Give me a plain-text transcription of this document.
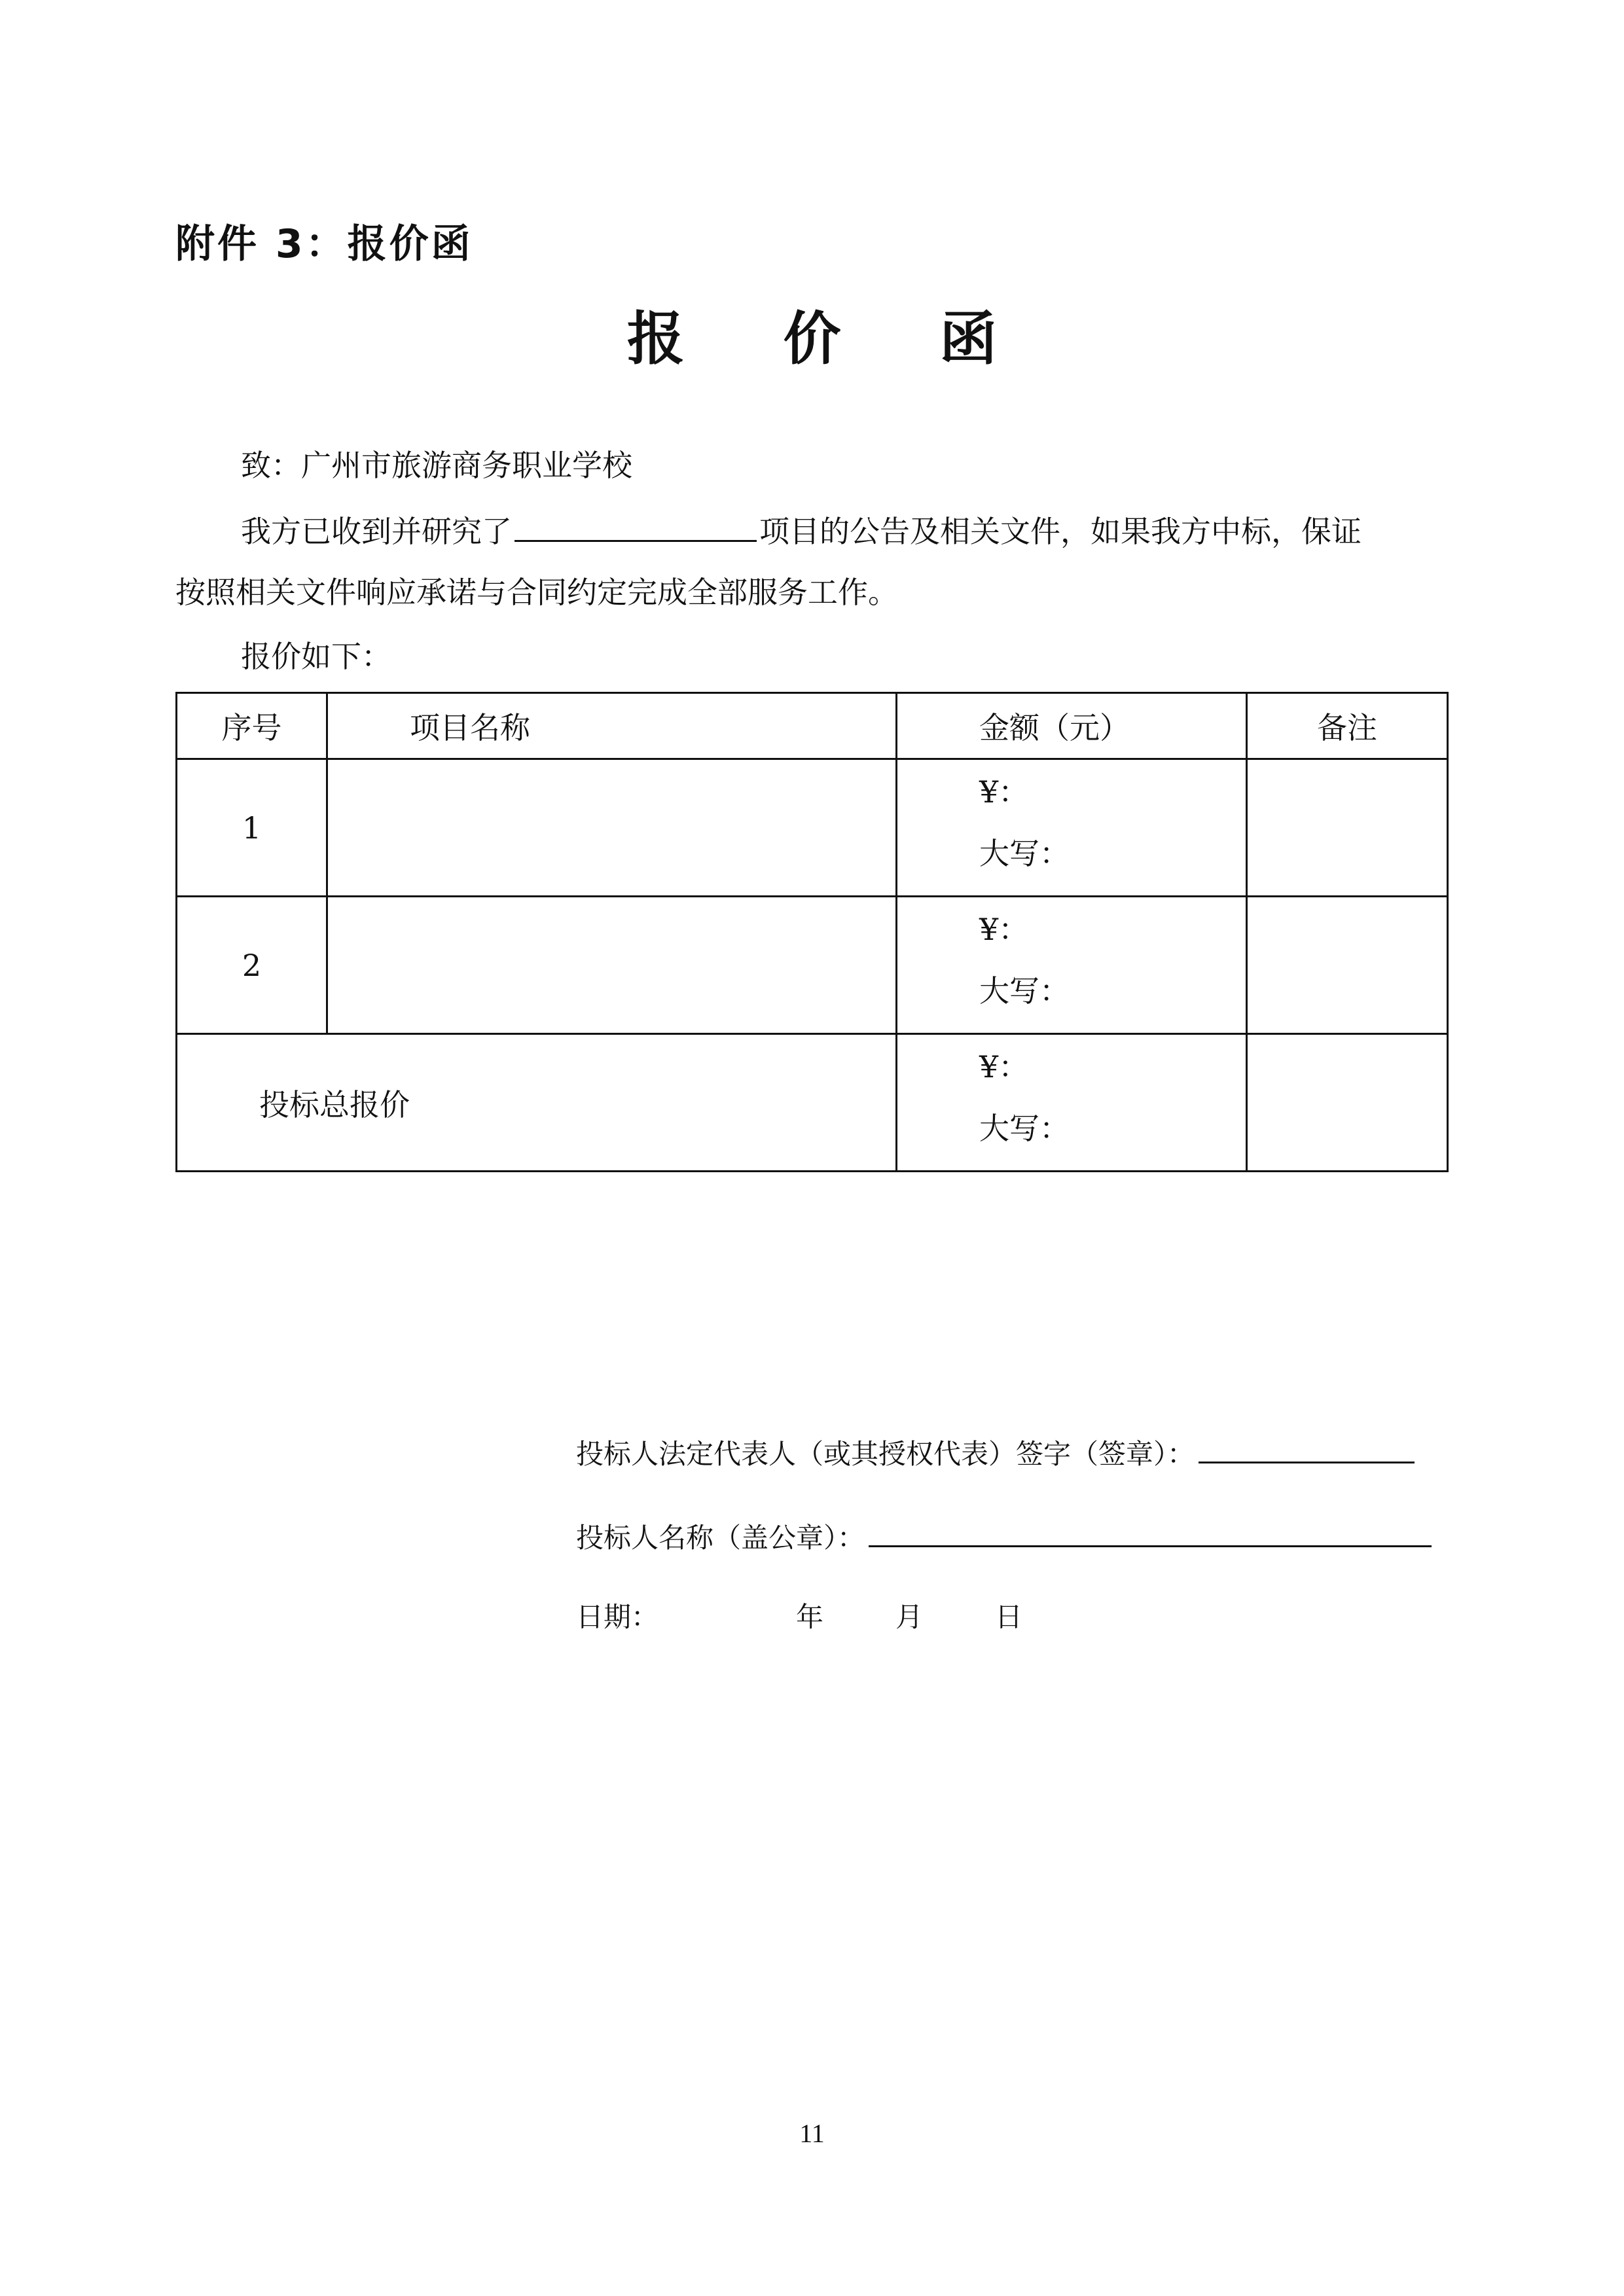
附件 3：报价函
报 价 函
致：广州市旅游商务职业学校
我方已收到并研究了	项目的公告及相关文件，如果我方中标，保证
按照相关文件响应承诺与合同约定完成全部服务工作。
报价如下：
序号	项目名称	金额（元）	备注
1		¥：
大写：	

2		¥：
大写：	

投标总报价		¥：
大写：	

投标人法定代表人（或其授权代表）签字（签章）：
投标人名称（盖公章）：
日期：	年	月	日
11
